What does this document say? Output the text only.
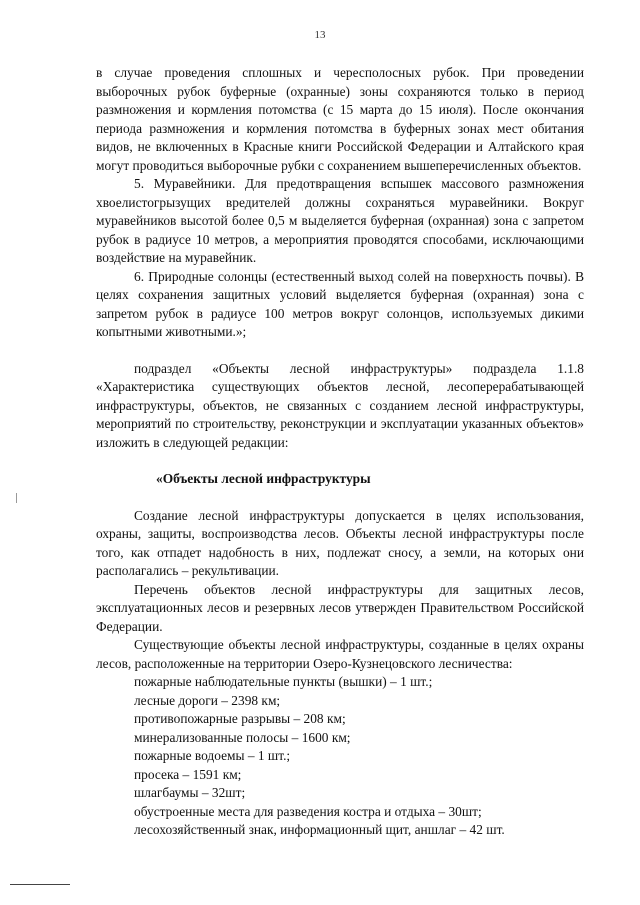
13

в случае проведения сплошных и чересполосных рубок. При проведении выборочных рубок буферные (охранные) зоны сохраняются только в период размножения и кормления потомства (с 15 марта до 15 июля). После окончания периода размножения и кормления потомства в буферных зонах мест обитания видов, не включенных в Красные книги Российской Федерации и Алтайского края могут проводиться выборочные рубки с сохранением вышеперечисленных объектов.

5. Муравейники. Для предотвращения вспышек массового размножения хвоелистогрызущих вредителей должны сохраняться муравейники. Вокруг муравейников высотой более 0,5 м выделяется буферная (охранная) зона с запретом рубок в радиусе 10 метров, а мероприятия проводятся способами, исключающими воздействие на муравейник.

6. Природные солонцы (естественный выход солей на поверхность почвы). В целях сохранения защитных условий выделяется буферная (охранная) зона с запретом рубок в радиусе 100 метров вокруг солонцов, используемых дикими копытными животными.»;

подраздел «Объекты лесной инфраструктуры» подраздела 1.1.8 «Характеристика существующих объектов лесной, лесоперерабатывающей инфраструктуры, объектов, не связанных с созданием лесной инфраструктуры, мероприятий по строительству, реконструкции и эксплуатации указанных объектов» изложить в следующей редакции:

«Объекты лесной инфраструктуры

Создание лесной инфраструктуры допускается в целях использования, охраны, защиты, воспроизводства лесов. Объекты лесной инфраструктуры после того, как отпадет надобность в них, подлежат сносу, а земли, на которых они располагались – рекультивации.

Перечень объектов лесной инфраструктуры для защитных лесов, эксплуатационных лесов и резервных лесов утвержден Правительством Российской Федерации.

Существующие объекты лесной инфраструктуры, созданные в целях охраны лесов, расположенные на территории Озеро-Кузнецовского лесничества:

пожарные наблюдательные пункты (вышки) – 1 шт.;
лесные дороги – 2398 км;
противопожарные разрывы – 208 км;
минерализованные полосы – 1600 км;
пожарные водоемы – 1 шт.;
просека – 1591 км;
шлагбаумы – 32шт;
обустроенные места для разведения костра и отдыха – 30шт;
лесохозяйственный знак, информационный щит, аншлаг – 42 шт.
